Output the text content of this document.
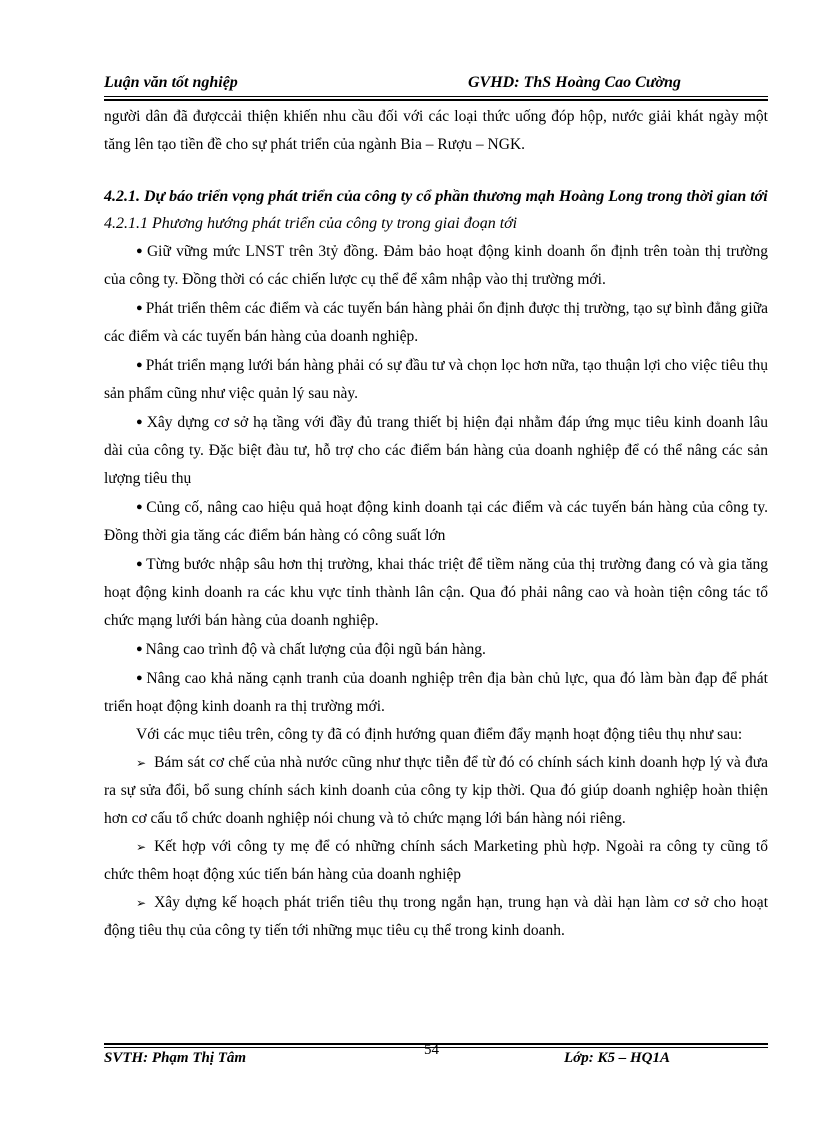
Luận văn tốt nghiệp	GVHD: ThS Hoàng Cao Cường

người dân đã đượccải thiện khiến nhu cầu đối với các loại thức uống đóp hộp, nước giải khát ngày một tăng lên tạo tiền đề cho sự phát triển của ngành Bia – Rượu – NGK.

4.2.1. Dự báo triển vọng phát triển của công ty cổ phần thương mạh Hoàng Long trong thời gian tới

4.2.1.1 Phương hướng phát triển của công ty trong giai đoạn tới

● Giữ vững mức LNST trên 3tỷ đồng. Đảm bảo hoạt động kinh doanh ổn định trên toàn thị trường của công ty. Đồng thời có các chiến lược cụ thể để xâm nhập vào thị trường mới.

● Phát triển thêm các điểm và các tuyến bán hàng phải ổn định được thị trường, tạo sự bình đẳng giữa các điểm và các tuyến bán hàng của doanh nghiệp.

● Phát triển mạng lưới bán hàng phải có sự đầu tư và chọn lọc hơn nữa, tạo thuận lợi cho việc tiêu thụ sản phẩm cũng như việc quản lý sau này.

● Xây dựng cơ sở hạ tầng với đầy đủ trang thiết bị hiện đại nhằm đáp ứng mục tiêu kinh doanh lâu dài của công ty. Đặc biệt đàu tư, hỗ trợ cho các điểm bán hàng của doanh nghiệp để có thể nâng các sản lượng tiêu thụ

● Củng cố, nâng cao hiệu quả hoạt động kinh doanh tại các điểm và các tuyến bán hàng của công ty. Đồng thời gia tăng các điểm bán hàng có công suất lớn

● Từng bước nhập sâu hơn thị trường, khai thác triệt để tiềm năng của thị trường đang có và gia tăng hoạt động kinh doanh ra các khu vực tỉnh thành lân cận. Qua đó phải nâng cao và hoàn tiện công tác tổ chức mạng lưới bán hàng của doanh nghiệp.

● Nâng cao trình độ và chất lượng của đội ngũ bán hàng.

● Nâng cao khả năng cạnh tranh của doanh nghiệp trên địa bàn chủ lực, qua đó làm bàn đạp để phát triển hoạt động kinh doanh ra thị trường mới.

Với các mục tiêu trên, công ty đã có định hướng quan điểm đẩy mạnh hoạt động tiêu thụ như sau:

➢ Bám sát cơ chế của nhà nước cũng như thực tiễn để từ đó có chính sách kinh doanh hợp lý và đưa ra sự sửa đổi, bổ sung chính sách kinh doanh của công ty kịp thời. Qua đó giúp doanh nghiệp hoàn thiện hơn cơ cấu tổ chức doanh nghiệp nói chung và tỏ chức mạng lới bán hàng nói riêng.

➢ Kết hợp với công ty mẹ để có những chính sách Marketing phù hợp. Ngoài ra công ty cũng tổ chức thêm hoạt động xúc tiến bán hàng của doanh nghiệp

➢ Xây dựng kế hoạch phát triển tiêu thụ trong ngắn hạn, trung hạn và dài hạn làm cơ sở cho hoạt động tiêu thụ của công ty tiến tới những mục tiêu cụ thể trong kinh doanh.

SVTH: Phạm Thị Tâm	54	Lớp: K5 – HQ1A
